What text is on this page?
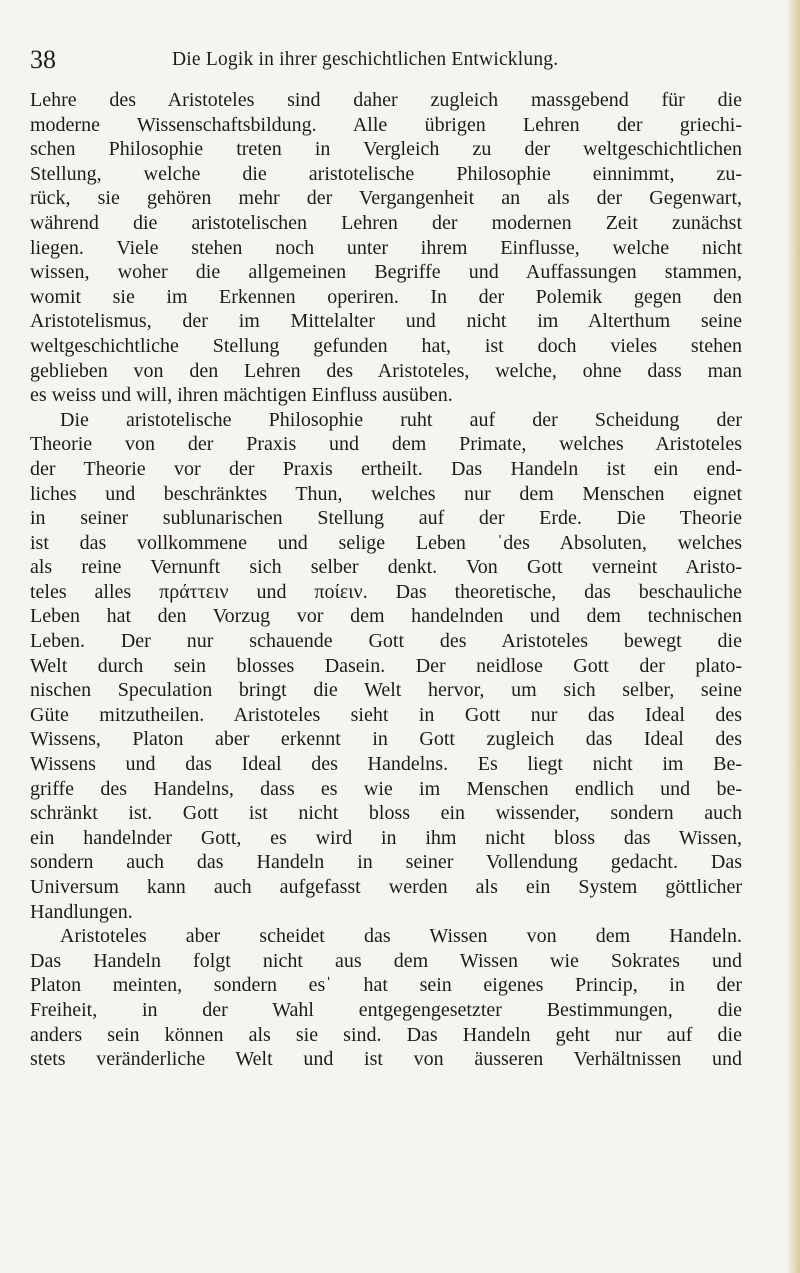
38	Die Logik in ihrer geschichtlichen Entwicklung.
Lehre des Aristoteles sind daher zugleich massgebend für die
moderne Wissenschaftsbildung. Alle übrigen Lehren der griechi-
schen Philosophie treten in Vergleich zu der weltgeschichtlichen
Stellung, welche die aristotelische Philosophie einnimmt, zu-
rück, sie gehören mehr der Vergangenheit an als der Gegenwart,
während die aristotelischen Lehren der modernen Zeit zunächst
liegen. Viele stehen noch unter ihrem Einflusse, welche nicht
wissen, woher die allgemeinen Begriffe und Auffassungen stammen,
womit sie im Erkennen operiren. In der Polemik gegen den
Aristotelismus, der im Mittelalter und nicht im Alterthum seine
weltgeschichtliche Stellung gefunden hat, ist doch vieles stehen
geblieben von den Lehren des Aristoteles, welche, ohne dass man
es weiss und will, ihren mächtigen Einfluss ausüben.
Die aristotelische Philosophie ruht auf der Scheidung der
Theorie von der Praxis und dem Primate, welches Aristoteles
der Theorie vor der Praxis ertheilt. Das Handeln ist ein end-
liches und beschränktes Thun, welches nur dem Menschen eignet
in seiner sublunarischen Stellung auf der Erde. Die Theorie
ist das vollkommene und selige Leben ˈdes Absoluten, welches
als reine Vernunft sich selber denkt. Von Gott verneint Aristo-
teles alles πράττειν und ποίειν. Das theoretische, das beschauliche
Leben hat den Vorzug vor dem handelnden und dem technischen
Leben. Der nur schauende Gott des Aristoteles bewegt die
Welt durch sein blosses Dasein. Der neidlose Gott der plato-
nischen Speculation bringt die Welt hervor, um sich selber, seine
Güte mitzutheilen. Aristoteles sieht in Gott nur das Ideal des
Wissens, Platon aber erkennt in Gott zugleich das Ideal des
Wissens und das Ideal des Handelns. Es liegt nicht im Be-
griffe des Handelns, dass es wie im Menschen endlich und be-
schränkt ist. Gott ist nicht bloss ein wissender, sondern auch
ein handelnder Gott, es wird in ihm nicht bloss das Wissen,
sondern auch das Handeln in seiner Vollendung gedacht. Das
Universum kann auch aufgefasst werden als ein System göttlicher
Handlungen.
Aristoteles aber scheidet das Wissen von dem Handeln.
Das Handeln folgt nicht aus dem Wissen wie Sokrates und
Platon meinten, sondern esˈ hat sein eigenes Princip, in der
Freiheit, in der Wahl entgegengesetzter Bestimmungen, die
anders sein können als sie sind. Das Handeln geht nur auf die
stets veränderliche Welt und ist von äusseren Verhältnissen und
